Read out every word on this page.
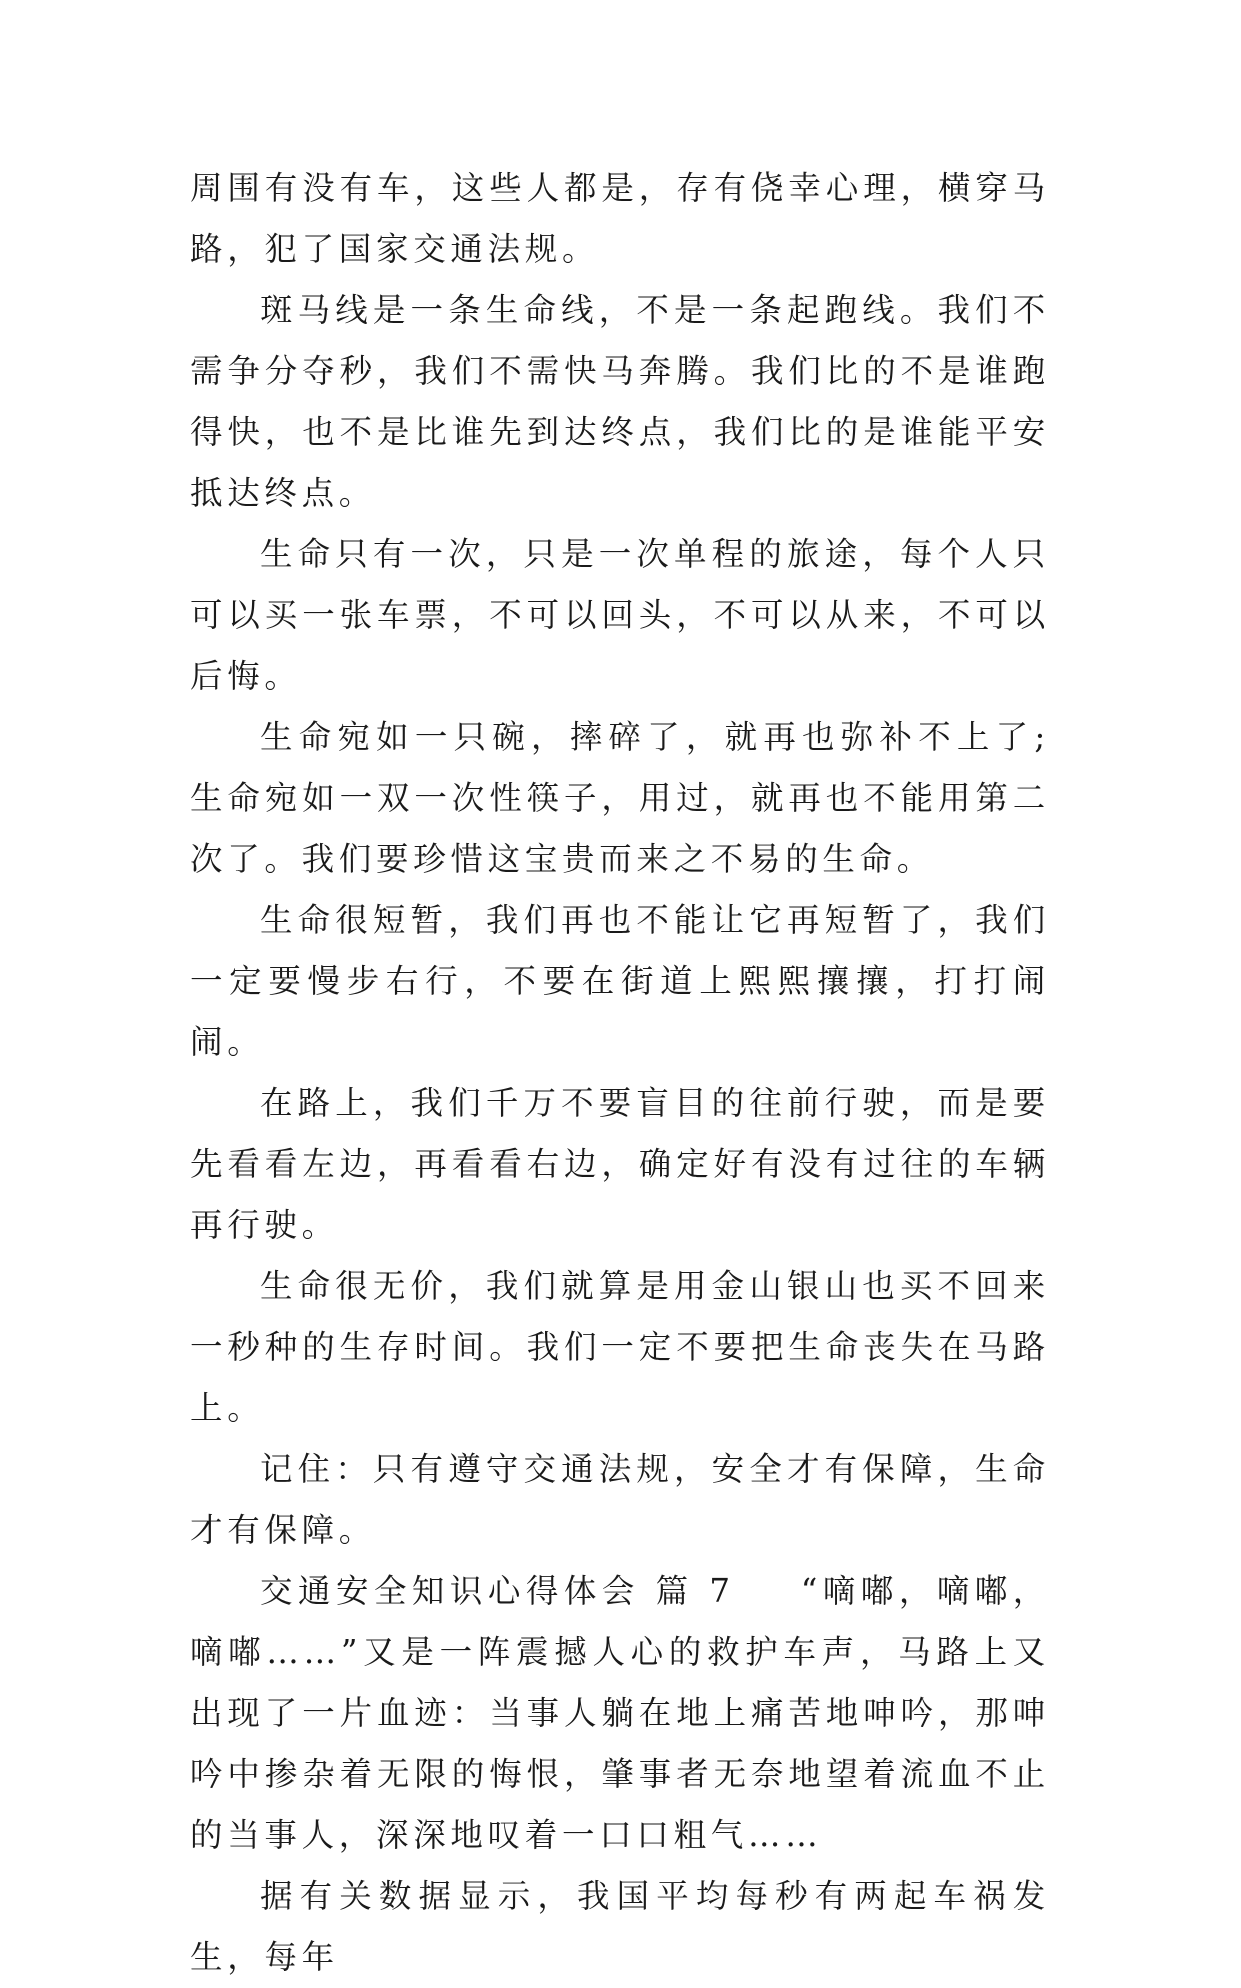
周围有没有车，这些人都是，存有侥幸心理，横穿马路，犯了国家交通法规。

斑马线是一条生命线，不是一条起跑线。我们不需争分夺秒，我们不需快马奔腾。我们比的不是谁跑得快，也不是比谁先到达终点，我们比的是谁能平安抵达终点。

生命只有一次，只是一次单程的旅途，每个人只可以买一张车票，不可以回头，不可以从来，不可以后悔。

生命宛如一只碗，摔碎了，就再也弥补不上了;生命宛如一双一次性筷子，用过，就再也不能用第二次了。我们要珍惜这宝贵而来之不易的生命。

生命很短暂，我们再也不能让它再短暂了，我们一定要慢步右行，不要在街道上熙熙攘攘，打打闹闹。

在路上，我们千万不要盲目的往前行驶，而是要先看看左边，再看看右边，确定好有没有过往的车辆再行驶。

生命很无价，我们就算是用金山银山也买不回来一秒种的生存时间。我们一定不要把生命丧失在马路上。

记住：只有遵守交通法规，安全才有保障，生命才有保障。

交通安全知识心得体会 篇 7 “嘀嘟，嘀嘟，嘀嘟……”又是一阵震撼人心的救护车声，马路上又出现了一片血迹：当事人躺在地上痛苦地呻吟，那呻吟中掺杂着无限的悔恨，肇事者无奈地望着流血不止的当事人，深深地叹着一口口粗气……

据有关数据显示，我国平均每秒有两起车祸发生，每年
